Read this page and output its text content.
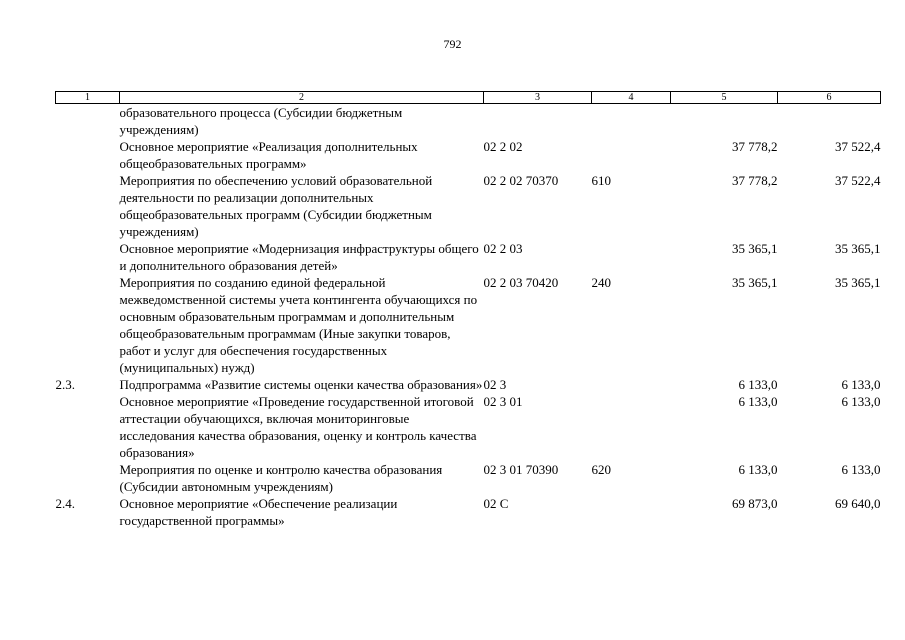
792
1	2	3	4	5	6
	образовательного процесса (Субсидии бюджетным учреждениям)				
	Основное мероприятие «Реализация дополнительных общеобразовательных программ»	02 2 02		37 778,2	37 522,4
	Мероприятия по обеспечению условий образовательной деятельности по реализации дополнительных общеобразовательных программ (Субсидии бюджетным учреждениям)	02 2 02 70370	610	37 778,2	37 522,4
	Основное мероприятие «Модернизация инфраструктуры общего и дополнительного образования детей»	02 2 03		35 365,1	35 365,1
	Мероприятия по созданию единой федеральной межведомственной системы учета контингента обучающихся по основным образовательным программам и дополнительным общеобразовательным программам (Иные закупки товаров, работ и услуг для обеспечения государственных (муниципальных) нужд)	02 2 03 70420	240	35 365,1	35 365,1
2.3.	Подпрограмма «Развитие системы оценки качества образования»	02 3		6 133,0	6 133,0
	Основное мероприятие «Проведение государственной итоговой аттестации обучающихся, включая мониторинговые исследования качества образования, оценку и контроль качества образования»	02 3 01		6 133,0	6 133,0
	Мероприятия по оценке и контролю качества образования (Субсидии автономным учреждениям)	02 3 01 70390	620	6 133,0	6 133,0
2.4.	Основное мероприятие «Обеспечение реализации государственной программы»	02 С		69 873,0	69 640,0
